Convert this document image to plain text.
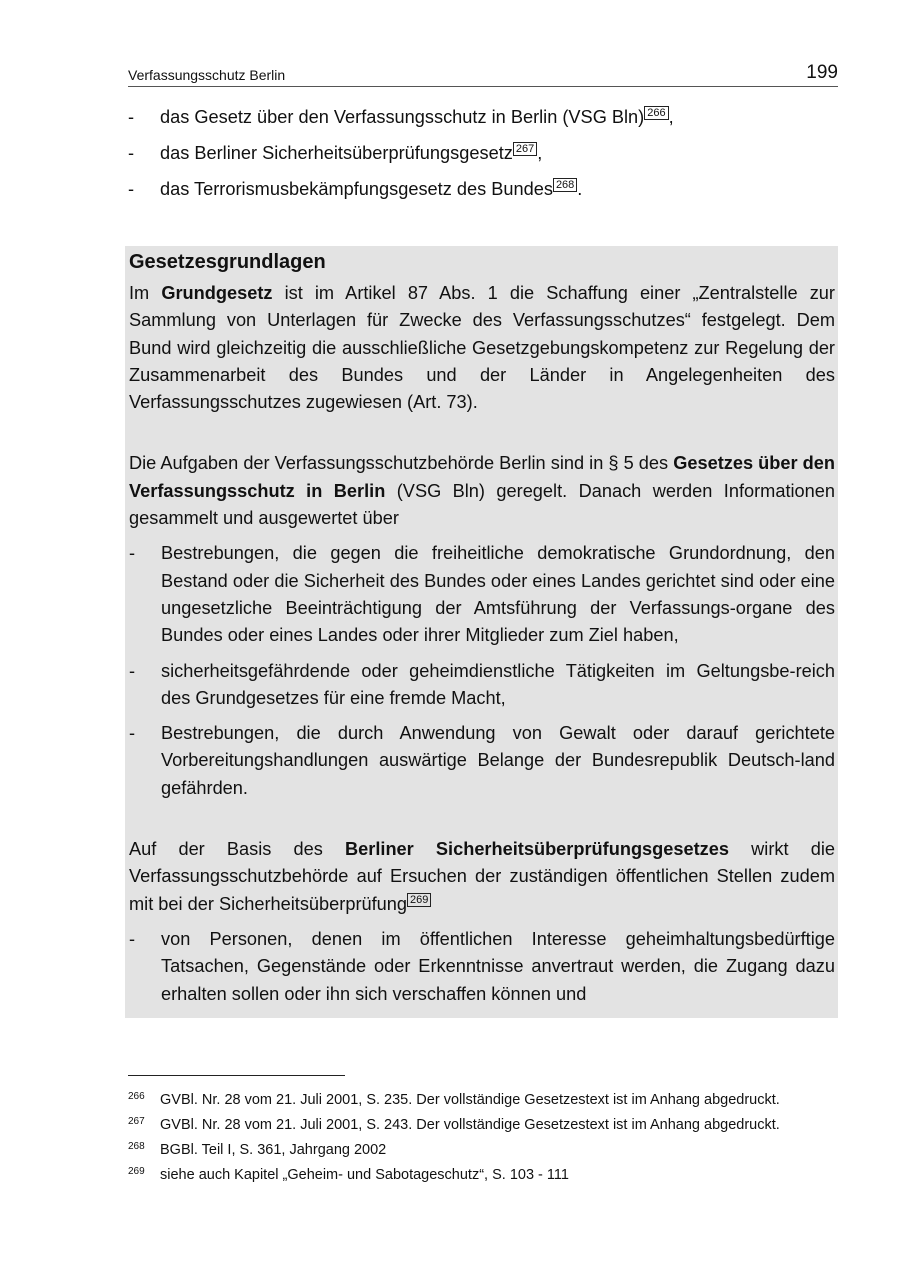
Verfassungsschutz Berlin	199
- das Gesetz über den Verfassungsschutz in Berlin (VSG Bln) $^{266}$ ,
- das Berliner Sicherheitsüberprüfungsgesetz $^{267}$ ,
- das Terrorismusbekämpfungsgesetz des Bundes $^{268}$ .
Gesetzesgrundlagen

Im Grundgesetz ist im Artikel 87 Abs. 1 die Schaffung einer „Zentralstelle zur Sammlung von Unterlagen für Zwecke des Verfassungsschutzes“ festgelegt. Dem Bund wird gleichzeitig die ausschließliche Gesetzgebungskompetenz zur Regelung der Zusammenarbeit des Bundes und der Länder in Angelegenheiten des Verfassungsschutzes zugewiesen (Art. 73).

Die Aufgaben der Verfassungsschutzbehörde Berlin sind in § 5 des Gesetzes über den Verfassungsschutz in Berlin (VSG Bln) geregelt. Danach werden Informationen gesammelt und ausgewertet über

- Bestrebungen, die gegen die freiheitliche demokratische Grundordnung, den Bestand oder die Sicherheit des Bundes oder eines Landes gerichtet sind oder eine ungesetzliche Beeinträchtigung der Amtsführung der Verfassungs-organe des Bundes oder eines Landes oder ihrer Mitglieder zum Ziel haben,
- sicherheitsgefährdende oder geheimdienstliche Tätigkeiten im Geltungsbe-reich des Grundgesetzes für eine fremde Macht,
- Bestrebungen, die durch Anwendung von Gewalt oder darauf gerichtete Vorbereitungshandlungen auswärtige Belange der Bundesrepublik Deutsch-land gefährden.

Auf der Basis des Berliner Sicherheitsüberprüfungsgesetzes wirkt die Verfassungsschutzbehörde auf Ersuchen der zuständigen öffentlichen Stellen zudem mit bei der Sicherheitsüberprüfung $^{269}$

- von Personen, denen im öffentlichen Interesse geheimhaltungsbedürftige Tatsachen, Gegenstände oder Erkenntnisse anvertraut werden, die Zugang dazu erhalten sollen oder ihn sich verschaffen können und
266 GVBl. Nr. 28 vom 21. Juli 2001, S. 235. Der vollständige Gesetzestext ist im Anhang abgedruckt.
267 GVBl. Nr. 28 vom 21. Juli 2001, S. 243. Der vollständige Gesetzestext ist im Anhang abgedruckt.
268 BGBl. Teil I, S. 361, Jahrgang 2002
269 siehe auch Kapitel „Geheim- und Sabotageschutz“, S. 103 - 111
